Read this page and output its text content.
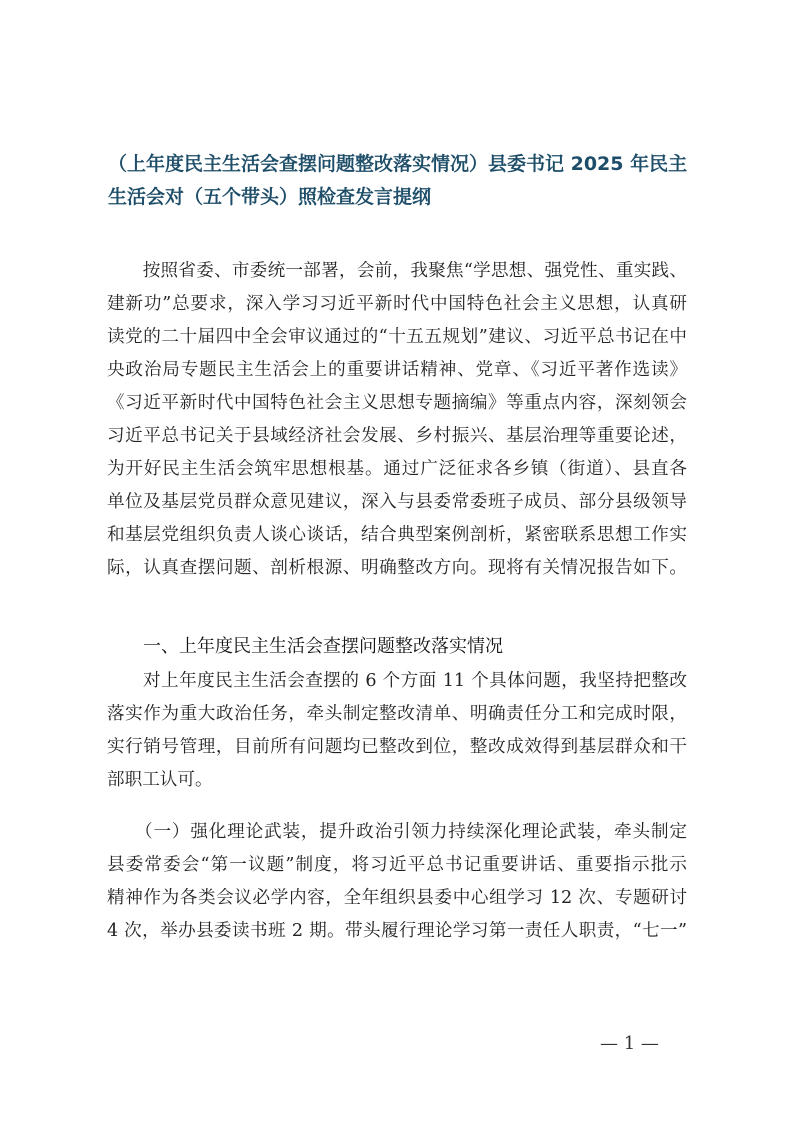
（上年度民主生活会查摆问题整改落实情况）县委书记 2025 年民主
生活会对（五个带头）照检查发言提纲
　　按照省委、市委统一部署，会前，我聚焦“学思想、强党性、重实践、
建新功”总要求，深入学习习近平新时代中国特色社会主义思想，认真研
读党的二十届四中全会审议通过的“十五五规划”建议、习近平总书记在中
央政治局专题民主生活会上的重要讲话精神、党章、《习近平著作选读》
《习近平新时代中国特色社会主义思想专题摘编》等重点内容，深刻领会
习近平总书记关于县域经济社会发展、乡村振兴、基层治理等重要论述，
为开好民主生活会筑牢思想根基。通过广泛征求各乡镇（街道）、县直各
单位及基层党员群众意见建议，深入与县委常委班子成员、部分县级领导
和基层党组织负责人谈心谈话，结合典型案例剖析，紧密联系思想工作实
际，认真查摆问题、剖析根源、明确整改方向。现将有关情况报告如下。
一、上年度民主生活会查摆问题整改落实情况
　　对上年度民主生活会查摆的 6 个方面 11 个具体问题，我坚持把整改
落实作为重大政治任务，牵头制定整改清单、明确责任分工和完成时限，
实行销号管理，目前所有问题均已整改到位，整改成效得到基层群众和干
部职工认可。
　　（一）强化理论武装，提升政治引领力持续深化理论武装，牵头制定
县委常委会“第一议题”制度，将习近平总书记重要讲话、重要指示批示
精神作为各类会议必学内容，全年组织县委中心组学习 12 次、专题研讨
4 次，举办县委读书班 2 期。带头履行理论学习第一责任人职责，“七一”
— 1 —
